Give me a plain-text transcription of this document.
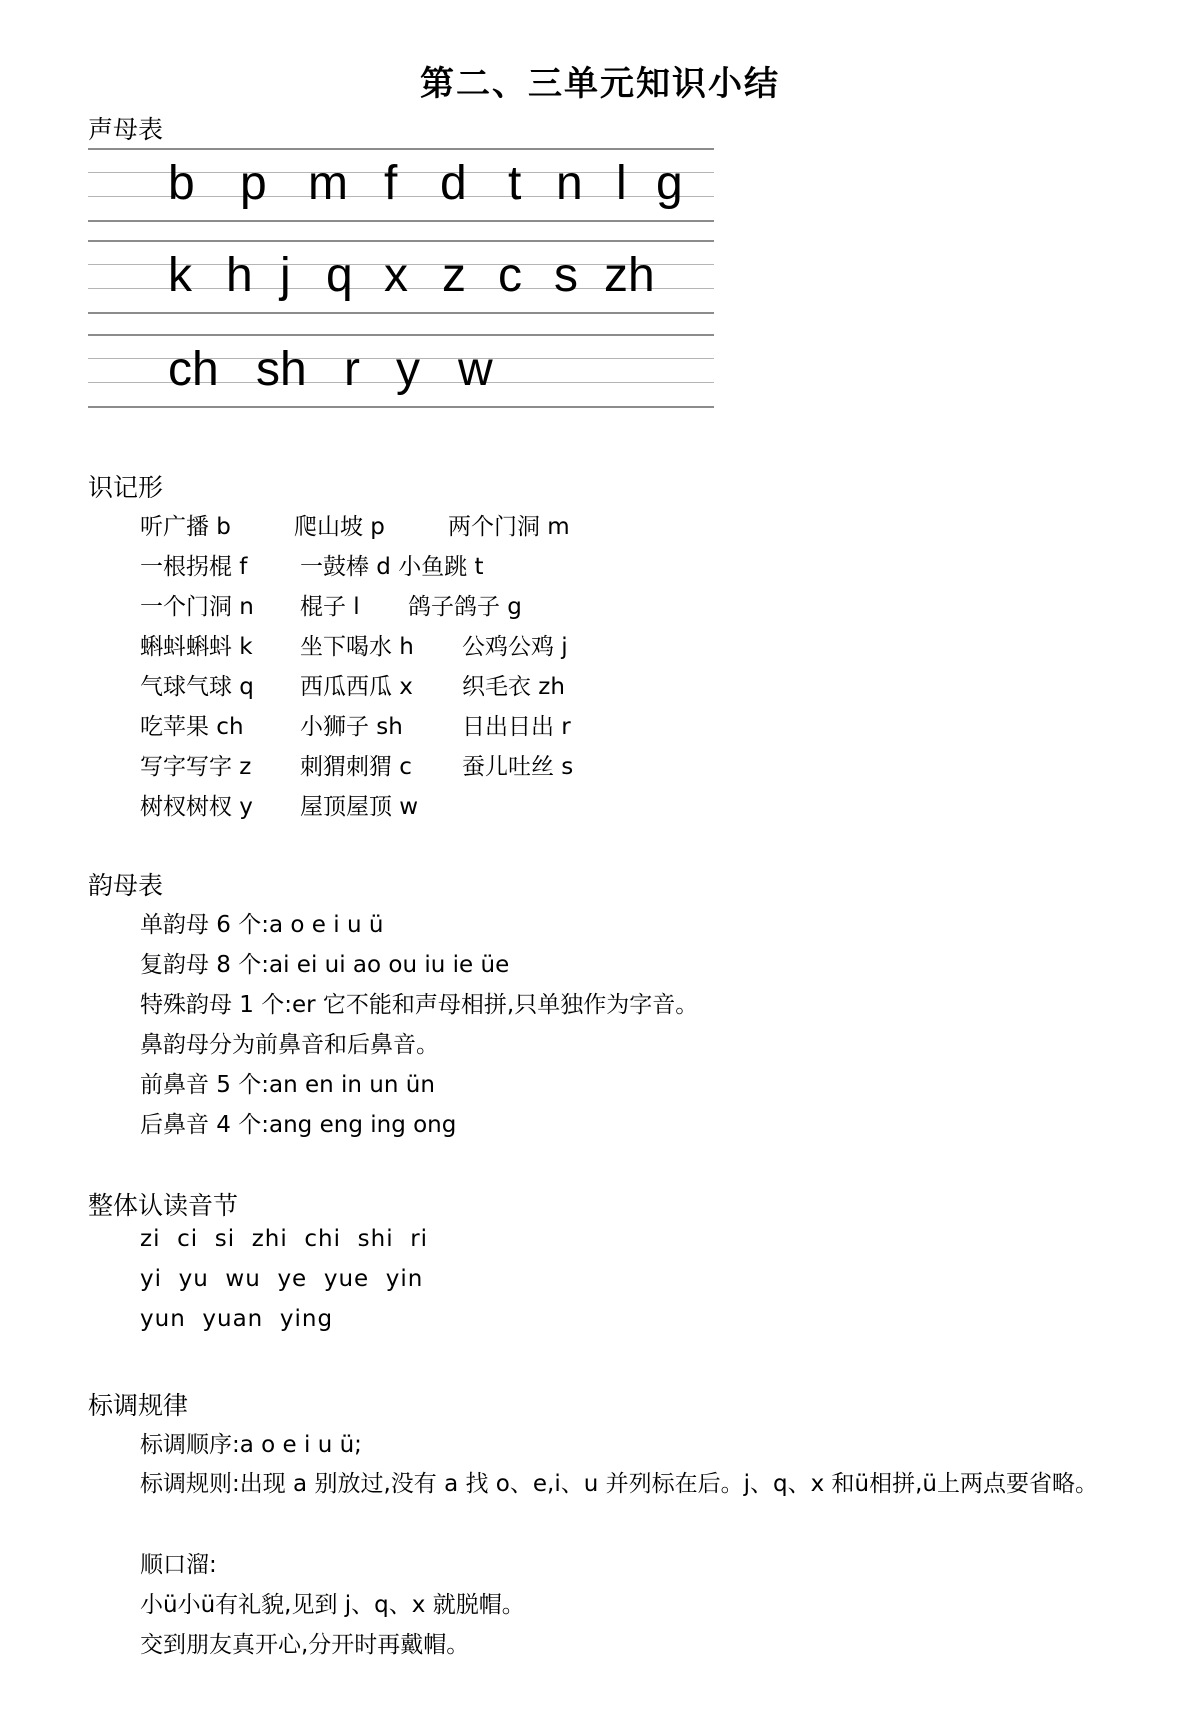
第二、三单元知识小结
声母表
b p m f d t n l g
k h j q x z c s zh
ch sh r y w
识记形
听广播 b	爬山坡 p	两个门洞 m
一根拐棍 f 一鼓棒 d 小鱼跳 t
一个门洞 n 棍子 l 鸽子鸽子 g
蝌蚪蝌蚪 k 坐下喝水 h 公鸡公鸡 j
气球气球 q 西瓜西瓜 x 织毛衣 zh
吃苹果 ch 小狮子 sh	日出日出 r
写字写字 z 刺猬刺猬 c 蚕儿吐丝 s
树杈树杈 y 屋顶屋顶 w
韵母表
单韵母 6 个:a o e i u ü
复韵母 8 个:ai ei ui ao ou iu ie üe
特殊韵母 1 个:er 它不能和声母相拼,只单独作为字音。
鼻韵母分为前鼻音和后鼻音。
前鼻音 5 个:an en in un ün
后鼻音 4 个:ang eng ing ong
整体认读音节
zi  ci  si  zhi  chi  shi  ri
yi  yu  wu  ye  yue  yin
yun  yuan  ying
标调规律
标调顺序:a o e i u ü;
标调规则:出现 a 别放过,没有 a 找 o、e,i、u 并列标在后。j、q、x 和ü相拼,ü上两点要省略。
顺口溜:
小ü小ü有礼貌,见到 j、q、x 就脱帽。
交到朋友真开心,分开时再戴帽。
